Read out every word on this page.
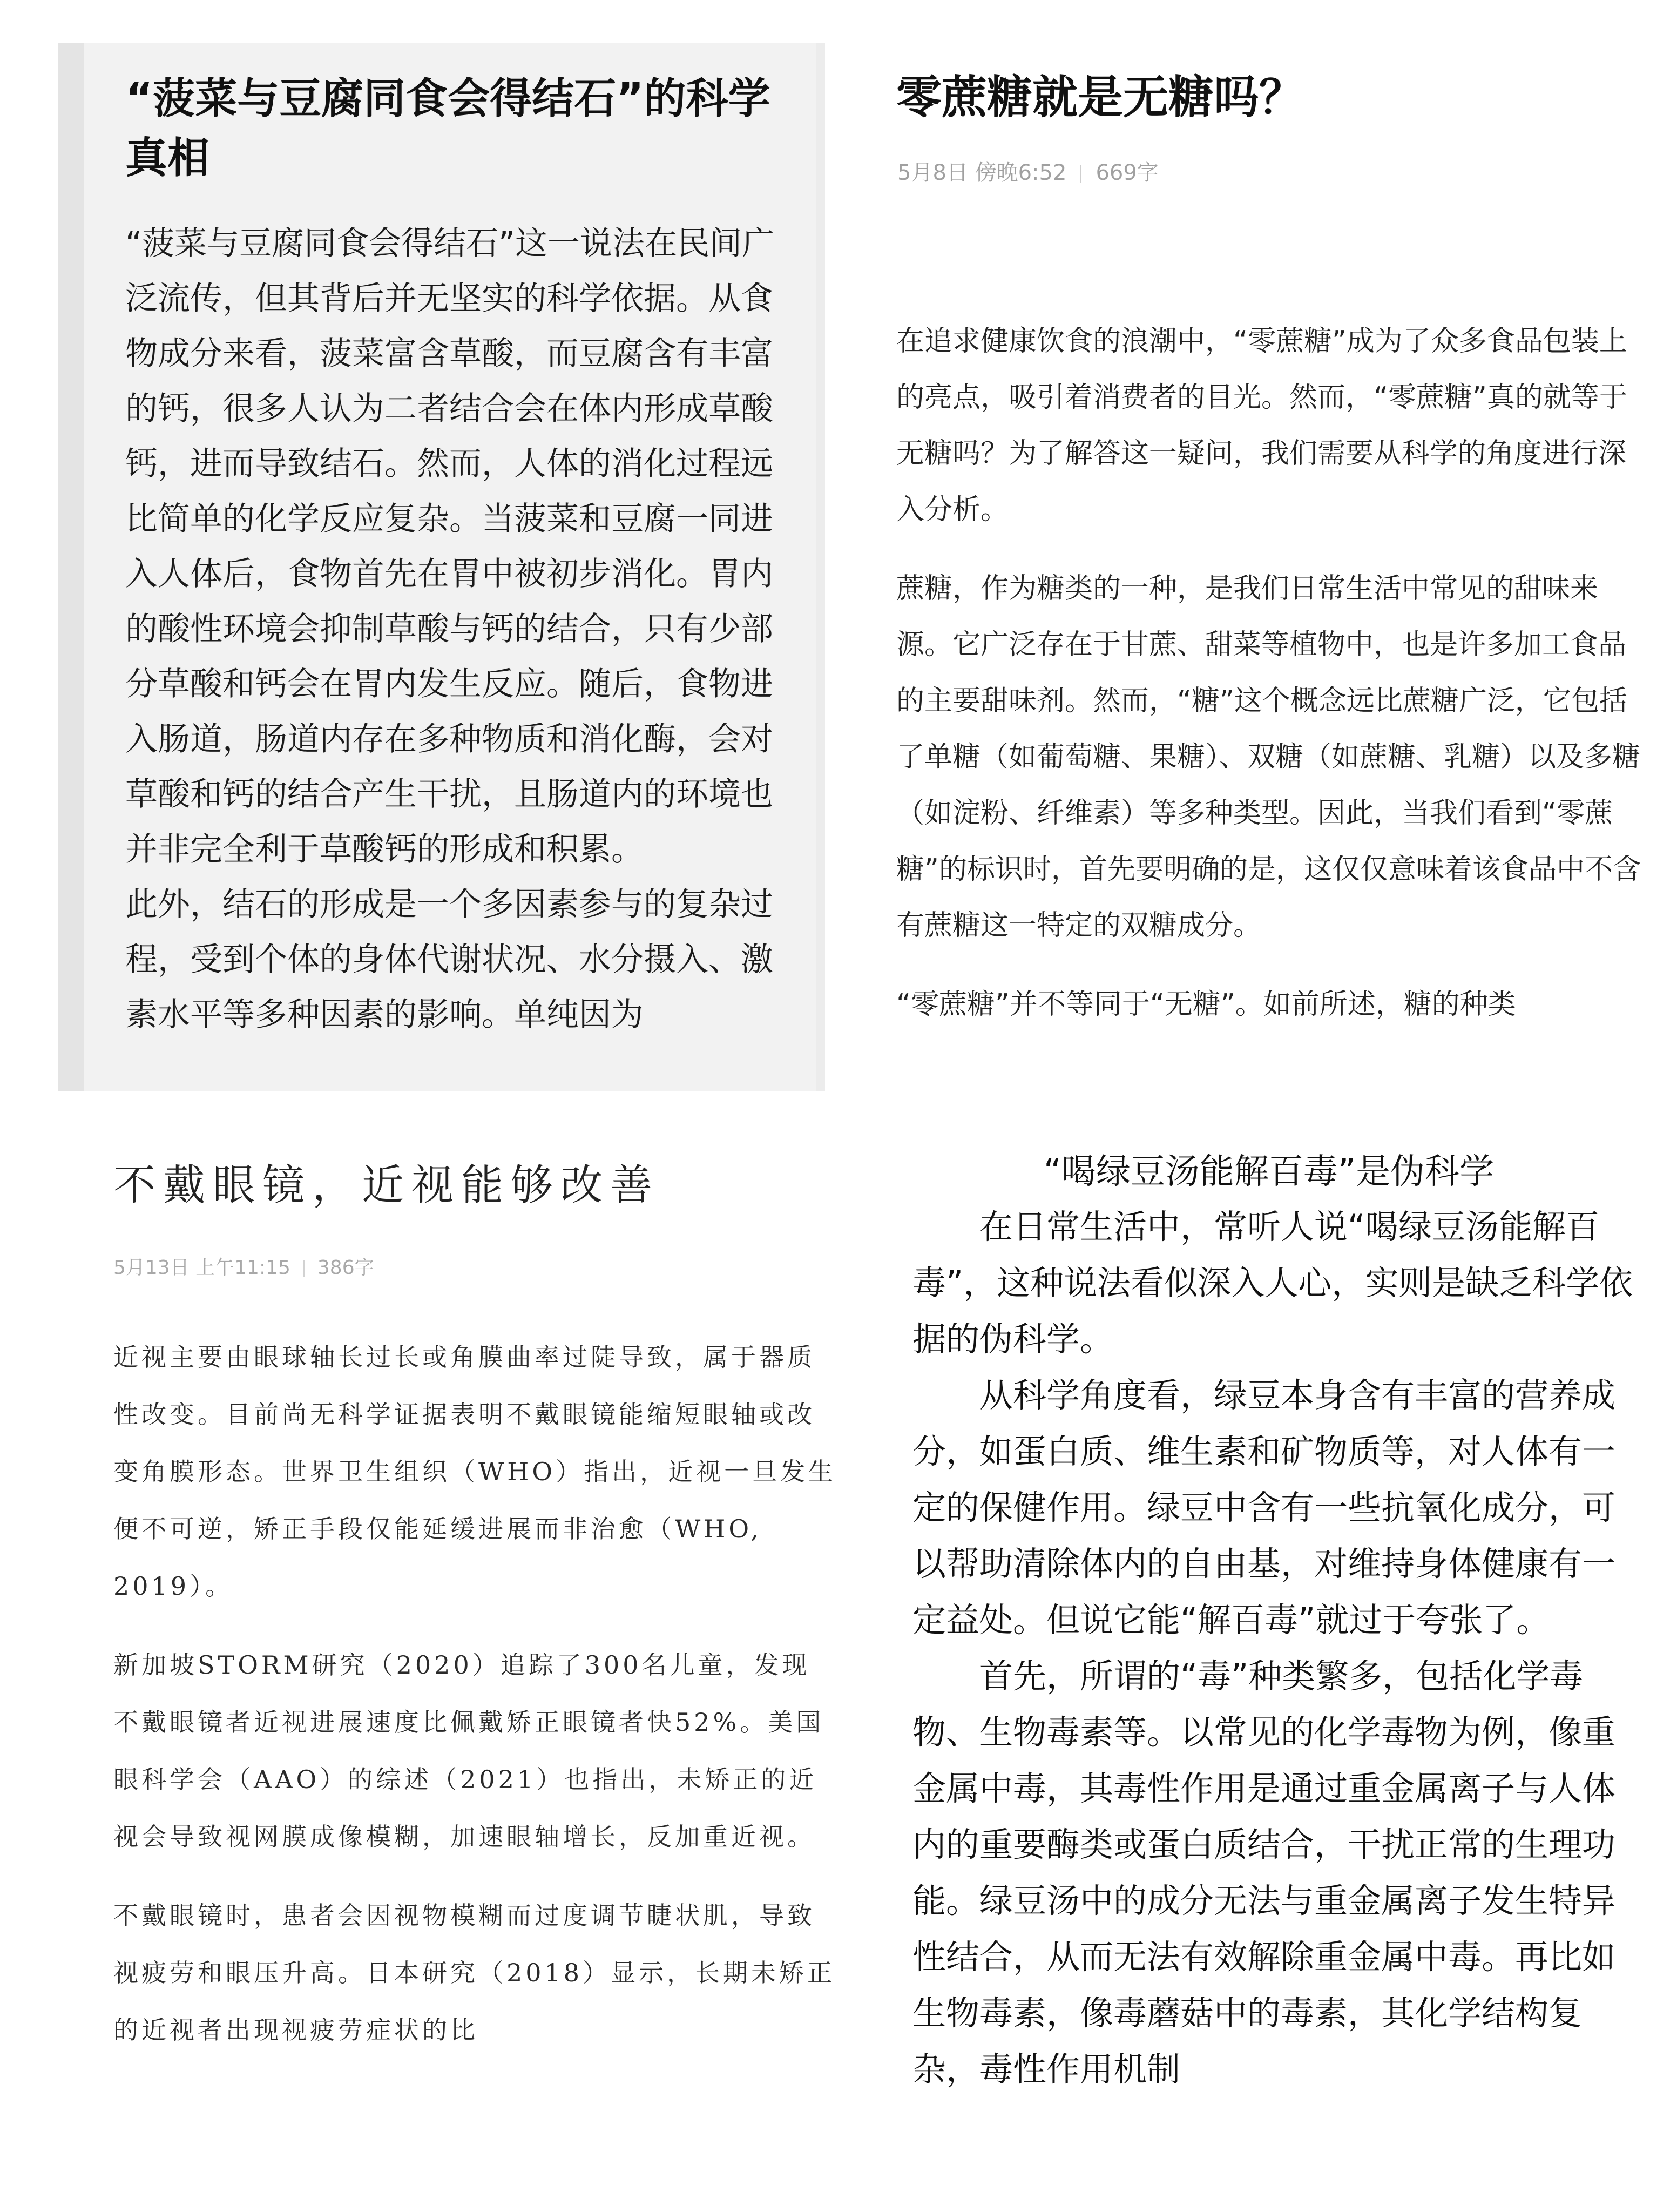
“菠菜与豆腐同食会得结石”的科学真相

“菠菜与豆腐同食会得结石”这一说法在民间广泛流传，但其背后并无坚实的科学依据。从食物成分来看，菠菜富含草酸，而豆腐含有丰富的钙，很多人认为二者结合会在体内形成草酸钙，进而导致结石。然而，人体的消化过程远比简单的化学反应复杂。当菠菜和豆腐一同进入人体后，食物首先在胃中被初步消化。胃内的酸性环境会抑制草酸与钙的结合，只有少部分草酸和钙会在胃内发生反应。随后，食物进入肠道，肠道内存在多种物质和消化酶，会对草酸和钙的结合产生干扰，且肠道内的环境也并非完全利于草酸钙的形成和积累。

此外，结石的形成是一个多因素参与的复杂过程，受到个体的身体代谢状况、水分摄入、激素水平等多种因素的影响。单纯因为

零蔗糖就是无糖吗？
5月8日 傍晚6:52 669字

在追求健康饮食的浪潮中，“零蔗糖”成为了众多食品包装上的亮点，吸引着消费者的目光。然而，“零蔗糖”真的就等于无糖吗？为了解答这一疑问，我们需要从科学的角度进行深入分析。

蔗糖，作为糖类的一种，是我们日常生活中常见的甜味来源。它广泛存在于甘蔗、甜菜等植物中，也是许多加工食品的主要甜味剂。然而，“糖”这个概念远比蔗糖广泛，它包括了单糖（如葡萄糖、果糖）、双糖（如蔗糖、乳糖）以及多糖（如淀粉、纤维素）等多种类型。因此，当我们看到“零蔗糖”的标识时，首先要明确的是，这仅仅意味着该食品中不含有蔗糖这一特定的双糖成分。

“零蔗糖”并不等同于“无糖”。如前所述，糖的种类

不戴眼镜，近视能够改善
5月13日 上午11:15 386字

近视主要由眼球轴长过长或角膜曲率过陡导致，属于器质性改变。目前尚无科学证据表明不戴眼镜能缩短眼轴或改变角膜形态。世界卫生组织（WHO）指出，近视一旦发生便不可逆，矫正手段仅能延缓进展而非治愈（WHO, 2019）。

新加坡STORM研究（2020）追踪了300名儿童，发现不戴眼镜者近视进展速度比佩戴矫正眼镜者快52%。美国眼科学会（AAO）的综述（2021）也指出，未矫正的近视会导致视网膜成像模糊，加速眼轴增长，反加重近视。

不戴眼镜时，患者会因视物模糊而过度调节睫状肌，导致视疲劳和眼压升高。日本研究（2018）显示，长期未矫正的近视者出现视疲劳症状的比

“喝绿豆汤能解百毒”是伪科学

在日常生活中，常听人说“喝绿豆汤能解百毒”，这种说法看似深入人心，实则是缺乏科学依据的伪科学。

从科学角度看，绿豆本身含有丰富的营养成分，如蛋白质、维生素和矿物质等，对人体有一定的保健作用。绿豆中含有一些抗氧化成分，可以帮助清除体内的自由基，对维持身体健康有一定益处。但说它能“解百毒”就过于夸张了。

首先，所谓的“毒”种类繁多，包括化学毒物、生物毒素等。以常见的化学毒物为例，像重金属中毒，其毒性作用是通过重金属离子与人体内的重要酶类或蛋白质结合，干扰正常的生理功能。绿豆汤中的成分无法与重金属离子发生特异性结合，从而无法有效解除重金属中毒。再比如生物毒素，像毒蘑菇中的毒素，其化学结构复杂，毒性作用机制
